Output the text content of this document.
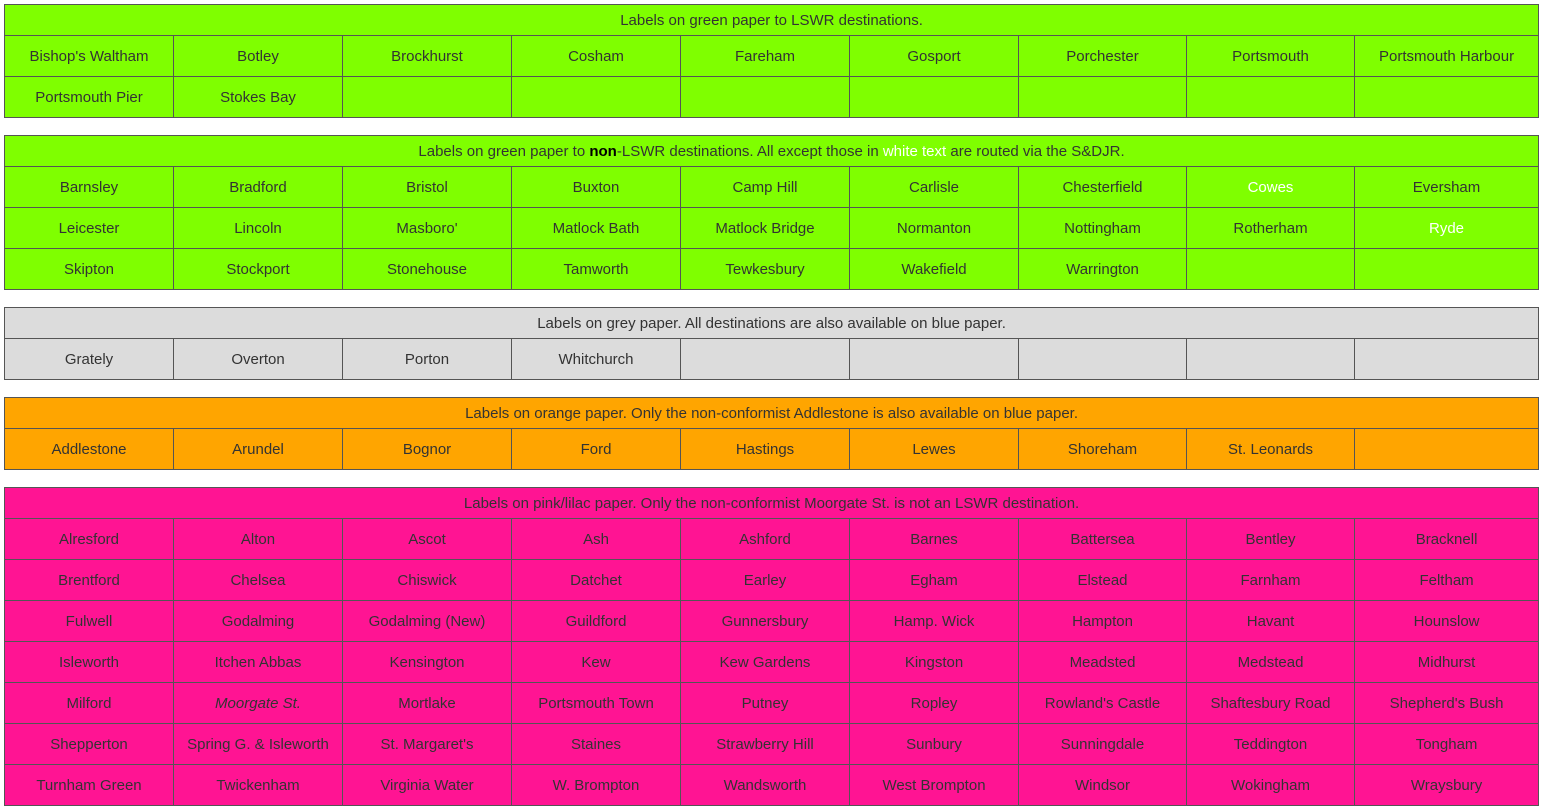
Labels on green paper to LSWR destinations.								
Bishop's Waltham	Botley	Brockhurst	Cosham	Fareham	Gosport	Porchester	Portsmouth	Portsmouth Harbour
Portsmouth Pier	Stokes Bay							
Labels on green paper to non-LSWR destinations. All except those in white text are routed via the S&DJR.								
Barnsley	Bradford	Bristol	Buxton	Camp Hill	Carlisle	Chesterfield	Cowes	Eversham
Leicester	Lincoln	Masboro'	Matlock Bath	Matlock Bridge	Normanton	Nottingham	Rotherham	Ryde
Skipton	Stockport	Stonehouse	Tamworth	Tewkesbury	Wakefield	Warrington		
Labels on grey paper. All destinations are also available on blue paper.
Grately	Overton	Porton	Whitchurch					
Labels on orange paper. Only the non-conformist Addlestone is also available on blue paper.
Addlestone	Arundel	Bognor	Ford	Hastings	Lewes	Shoreham	St. Leonards	
Labels on pink/lilac paper. Only the non-conformist Moorgate St. is not an LSWR destination.								
Alresford	Alton	Ascot	Ash	Ashford	Barnes	Battersea	Bentley	Bracknell
Brentford	Chelsea	Chiswick	Datchet	Earley	Egham	Elstead	Farnham	Feltham
Fulwell	Godalming	Godalming (New)	Guildford	Gunnersbury	Hamp. Wick	Hampton	Havant	Hounslow
Isleworth	Itchen Abbas	Kensington	Kew	Kew Gardens	Kingston	Meadsted	Medstead	Midhurst
Milford	Moorgate St.	Mortlake	Portsmouth Town	Putney	Ropley	Rowland's Castle	Shaftesbury Road	Shepherd's Bush
Shepperton	Spring G. & Isleworth	St. Margaret's	Staines	Strawberry Hill	Sunbury	Sunningdale	Teddington	Tongham
Turnham Green	Twickenham	Virginia Water	W. Brompton	Wandsworth	West Brompton	Windsor	Wokingham	Wraysbury
